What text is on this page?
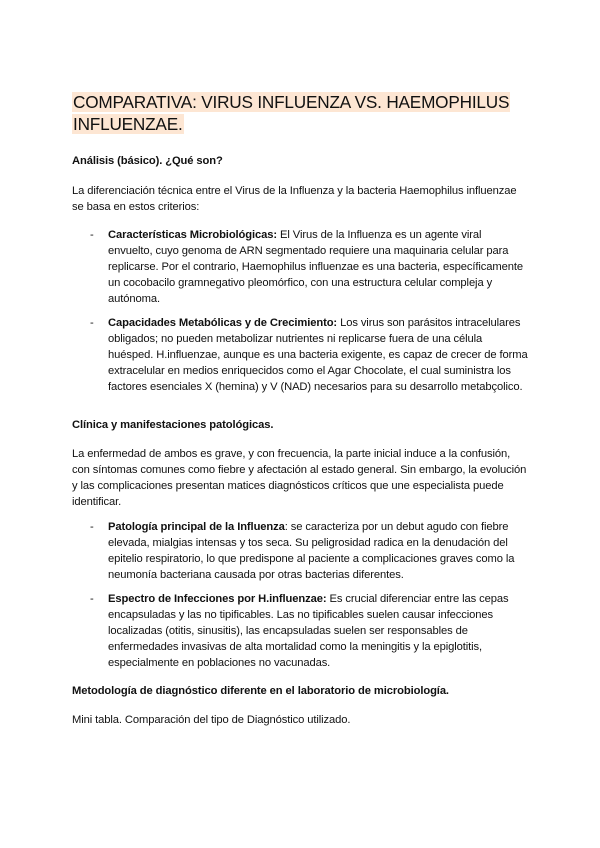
COMPARATIVA: VIRUS INFLUENZA VS. HAEMOPHILUS INFLUENZAE.
Análisis (básico). ¿Qué son?
La diferenciación técnica entre el Virus de la Influenza y la bacteria Haemophilus influenzae se basa en estos criterios:
- Características Microbiológicas: El Virus de la Influenza es un agente viral envuelto, cuyo genoma de ARN segmentado requiere una maquinaria celular para replicarse. Por el contrario, Haemophilus influenzae es una bacteria, específicamente un cocobacilo gramnegativo pleomórfico, con una estructura celular compleja y autónoma.
- Capacidades Metabólicas y de Crecimiento: Los virus son parásitos intracelulares obligados; no pueden metabolizar nutrientes ni replicarse fuera de una célula huésped. H.influenzae, aunque es una bacteria exigente, es capaz de crecer de forma extracelular en medios enriquecidos como el Agar Chocolate, el cual suministra los factores esenciales X (hemina) y V (NAD) necesarios para su desarrollo metabçolico.
Clínica y manifestaciones patológicas.
La enfermedad de ambos es grave, y con frecuencia, la parte inicial induce a la confusión, con síntomas comunes como fiebre y afectación al estado general. Sin embargo, la evolución y las complicaciones presentan matices diagnósticos críticos que une especialista puede identificar.
- Patología principal de la Influenza: se caracteriza por un debut agudo con fiebre elevada, mialgias intensas y tos seca. Su peligrosidad radica en la denudación del epitelio respiratorio, lo que predispone al paciente a complicaciones graves como la neumonía bacteriana causada por otras bacterias diferentes.
- Espectro de Infecciones por H.influenzae: Es crucial diferenciar entre las cepas encapsuladas y las no tipificables. Las no tipificables suelen causar infecciones localizadas (otitis, sinusitis), las encapsuladas suelen ser responsables de enfermedades invasivas de alta mortalidad como la meningitis y la epiglotitis, especialmente en poblaciones no vacunadas.
Metodología de diagnóstico diferente en el laboratorio de microbiología.
Mini tabla. Comparación del tipo de Diagnóstico utilizado.
